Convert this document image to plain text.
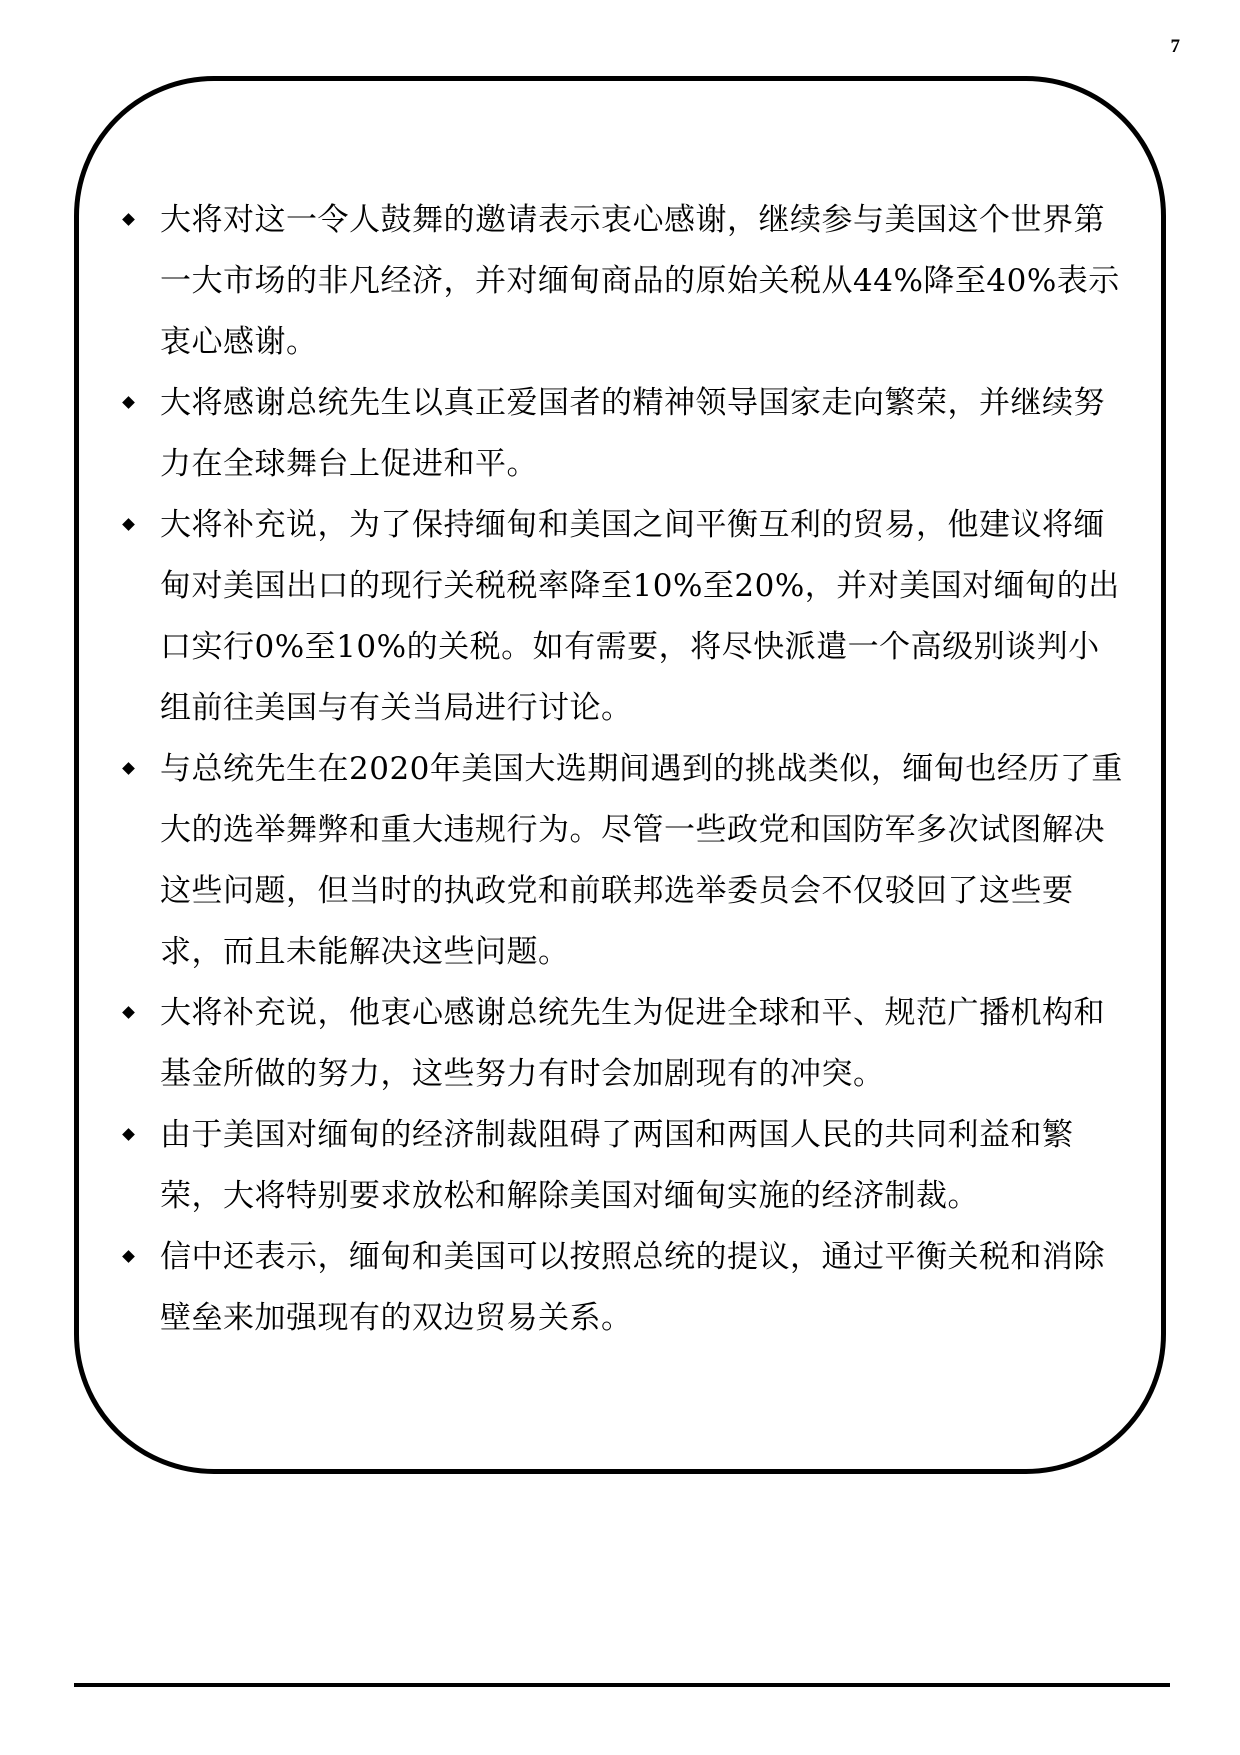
7
大将对这一令人鼓舞的邀请表示衷心感谢，继续参与美国这个世界第一大市场的非凡经济，并对缅甸商品的原始关税从44%降至40%表示衷心感谢。
大将感谢总统先生以真正爱国者的精神领导国家走向繁荣，并继续努力在全球舞台上促进和平。
大将补充说，为了保持缅甸和美国之间平衡互利的贸易，他建议将缅甸对美国出口的现行关税税率降至10%至20%，并对美国对缅甸的出口实行0%至10%的关税。如有需要，将尽快派遣一个高级别谈判小组前往美国与有关当局进行讨论。
与总统先生在2020年美国大选期间遇到的挑战类似，缅甸也经历了重大的选举舞弊和重大违规行为。尽管一些政党和国防军多次试图解决这些问题，但当时的执政党和前联邦选举委员会不仅驳回了这些要求，而且未能解决这些问题。
大将补充说，他衷心感谢总统先生为促进全球和平、规范广播机构和基金所做的努力，这些努力有时会加剧现有的冲突。
由于美国对缅甸的经济制裁阻碍了两国和两国人民的共同利益和繁荣，大将特别要求放松和解除美国对缅甸实施的经济制裁。
信中还表示，缅甸和美国可以按照总统的提议，通过平衡关税和消除壁垒来加强现有的双边贸易关系。
